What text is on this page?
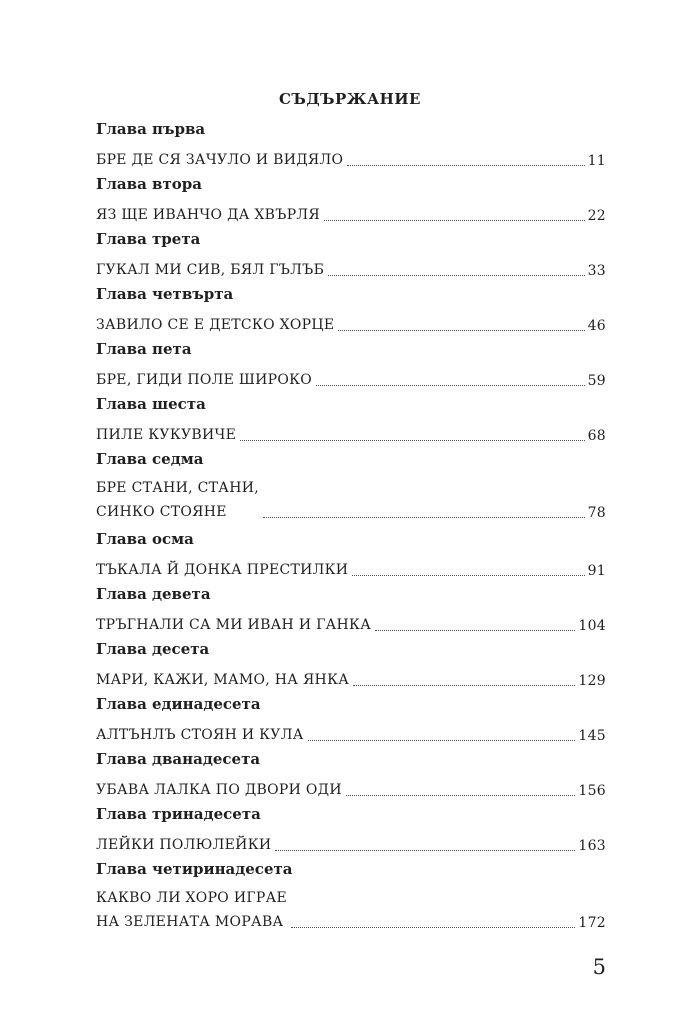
СЪДЪРЖАНИЕ
Глава първа
БРЕ ДЕ СЯ ЗАЧУЛО И ВИДЯЛО	11
Глава втора
ЯЗ ЩЕ ИВАНЧО ДА ХВЪРЛЯ	22
Глава трета
ГУКАЛ МИ СИВ, БЯЛ ГЪЛЪБ	33
Глава четвърта
ЗАВИЛО СЕ Е ДЕТСКО ХОРЦЕ	46
Глава пета
БРЕ, ГИДИ ПОЛЕ ШИРОКО	59
Глава шеста
ПИЛЕ КУКУВИЧЕ	68
Глава седма
БРЕ СТАНИ, СТАНИ,
СИНКО СТОЯНЕ	78
Глава осма
ТЪКАЛА Й ДОНКА ПРЕСТИЛКИ	91
Глава девета
ТРЪГНАЛИ СА МИ ИВАН И ГАНКА	104
Глава десета
МАРИ, КАЖИ, МАМО, НА ЯНКА	129
Глава единадесета
АЛТЪНЛЪ СТОЯН И КУЛА	145
Глава дванадесета
УБАВА ЛАЛКА ПО ДВОРИ ОДИ	156
Глава тринадесета
ЛЕЙКИ ПОЛЮЛЕЙКИ	163
Глава четиринадесета
КАКВО ЛИ ХОРО ИГРАЕ
НА ЗЕЛЕНАТА МОРАВА	172
5
